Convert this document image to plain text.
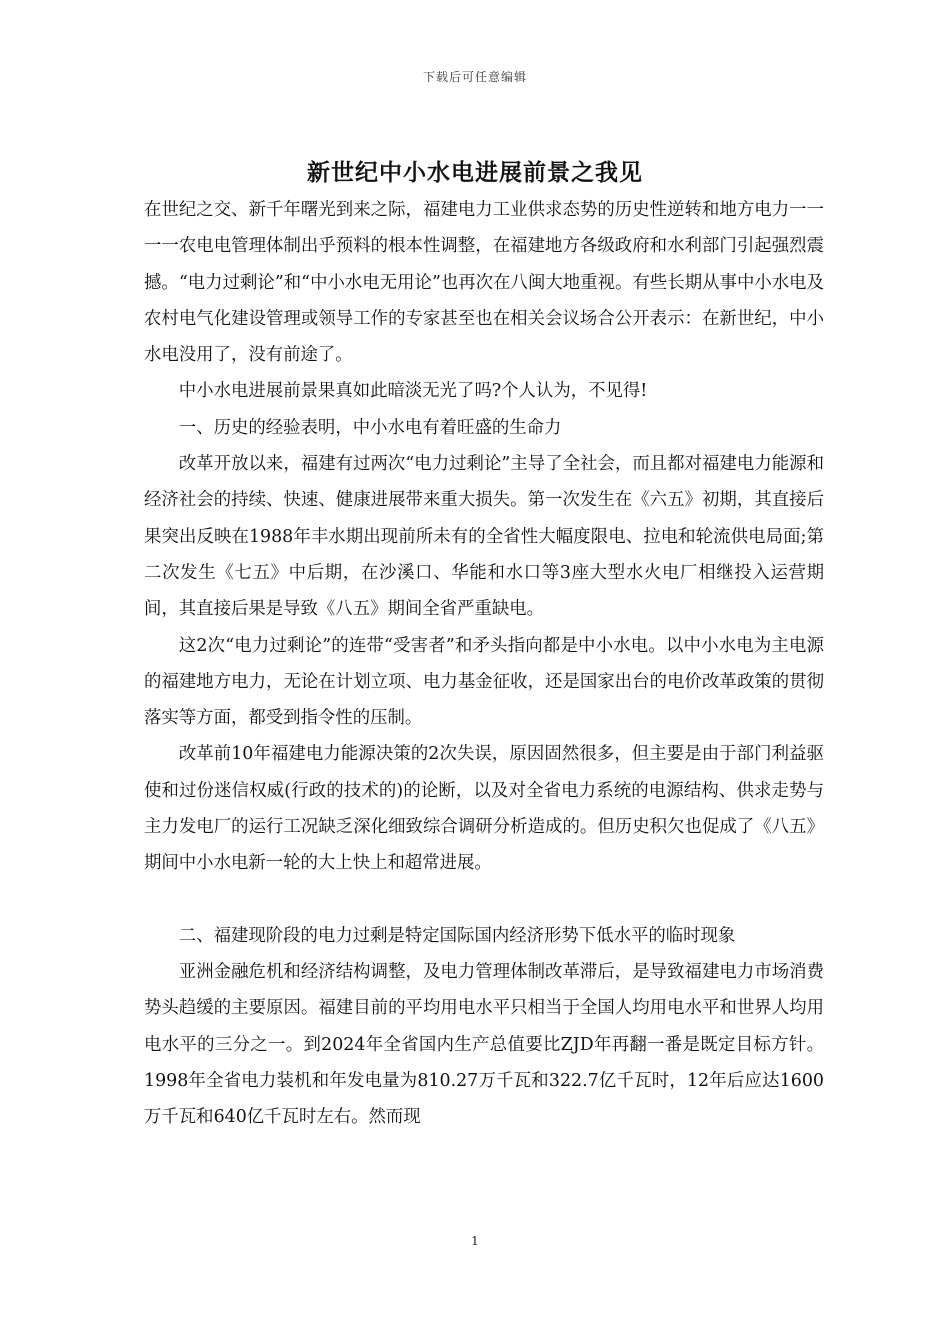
下载后可任意编辑
新世纪中小水电进展前景之我见

在世纪之交、新千年曙光到来之际，福建电力工业供求态势的历史性逆转和地方电力一一一一农电电管理体制出乎预料的根本性调整，在福建地方各级政府和水利部门引起强烈震撼。“电力过剩论”和“中小水电无用论”也再次在八闽大地重视。有些长期从事中小水电及农村电气化建设管理或领导工作的专家甚至也在相关会议场合公开表示：在新世纪，中小水电没用了，没有前途了。

中小水电进展前景果真如此暗淡无光了吗?个人认为，不见得!

一、历史的经验表明，中小水电有着旺盛的生命力

改革开放以来，福建有过两次“电力过剩论”主导了全社会，而且都对福建电力能源和经济社会的持续、快速、健康进展带来重大损失。第一次发生在《六五》初期，其直接后果突出反映在1988年丰水期出现前所未有的全省性大幅度限电、拉电和轮流供电局面;第二次发生《七五》中后期，在沙溪口、华能和水口等3座大型水火电厂相继投入运营期间，其直接后果是导致《八五》期间全省严重缺电。

这2次“电力过剩论”的连带“受害者”和矛头指向都是中小水电。以中小水电为主电源的福建地方电力，无论在计划立项、电力基金征收，还是国家出台的电价改革政策的贯彻落实等方面，都受到指令性的压制。

改革前10年福建电力能源决策的2次失误，原因固然很多，但主要是由于部门利益驱使和过份迷信权威(行政的技术的)的论断，以及对全省电力系统的电源结构、供求走势与主力发电厂的运行工况缺乏深化细致综合调研分析造成的。但历史积欠也促成了《八五》期间中小水电新一轮的大上快上和超常进展。

二、福建现阶段的电力过剩是特定国际国内经济形势下低水平的临时现象

亚洲金融危机和经济结构调整，及电力管理体制改革滞后，是导致福建电力市场消费势头趋缓的主要原因。福建目前的平均用电水平只相当于全国人均用电水平和世界人均用电水平的三分之一。到2024年全省国内生产总值要比ZJD年再翻一番是既定目标方针。1998年全省电力装机和年发电量为810.27万千瓦和322.7亿千瓦时，12年后应达1600万千瓦和640亿千瓦时左右。然而现

1
